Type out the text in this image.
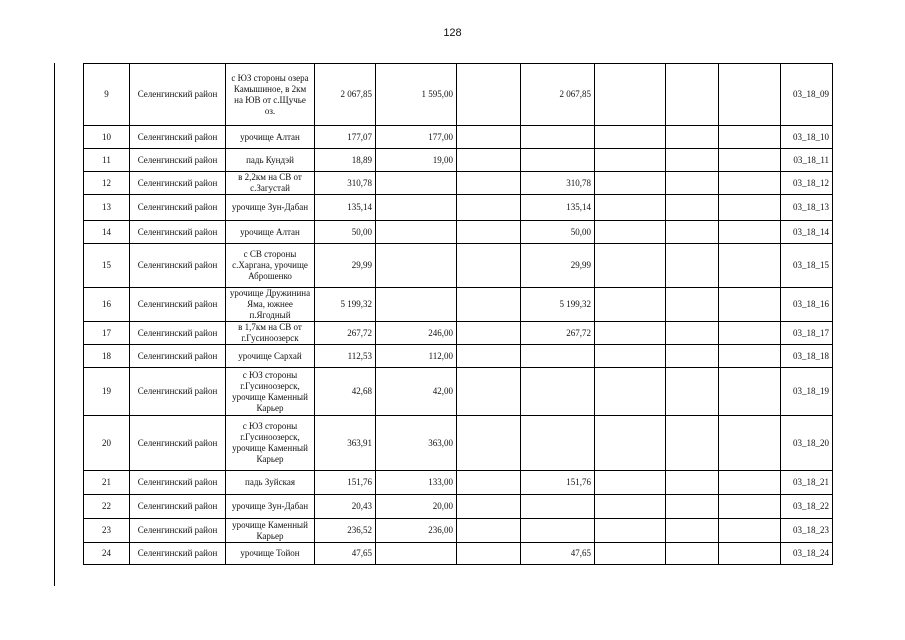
128
9	Селенгинский район	с ЮЗ стороны озера Камышиное, в 2км на ЮВ от с.Щучье оз.	2 067,85	1 595,00		2 067,85				03_18_09
10	Селенгинский район	урочище Алтан	177,07	177,00						03_18_10
11	Селенгинский район	падь Кундэй	18,89	19,00						03_18_11
12	Селенгинский район	в 2,2км на СВ от с.Загустай	310,78			310,78				03_18_12
13	Селенгинский район	урочище Зун-Дабан	135,14			135,14				03_18_13
14	Селенгинский район	урочище Алтан	50,00			50,00				03_18_14
15	Селенгинский район	с СВ стороны с.Харгана, урочище Аброшенко	29,99			29,99				03_18_15
16	Селенгинский район	урочище Дружинина Яма, южнее п.Ягодный	5 199,32			5 199,32				03_18_16
17	Селенгинский район	в 1,7км на СВ от г.Гусиноозерск	267,72	246,00		267,72				03_18_17
18	Селенгинский район	урочище Сархай	112,53	112,00						03_18_18
19	Селенгинский район	с ЮЗ стороны г.Гусиноозерск, урочище Каменный Карьер	42,68	42,00						03_18_19
20	Селенгинский район	с ЮЗ стороны г.Гусиноозерск, урочище Каменный Карьер	363,91	363,00						03_18_20
21	Селенгинский район	падь Зуйская	151,76	133,00		151,76				03_18_21
22	Селенгинский район	урочище Зун-Дабан	20,43	20,00						03_18_22
23	Селенгинский район	урочище Каменный Карьер	236,52	236,00						03_18_23
24	Селенгинский район	урочище Тойон	47,65			47,65				03_18_24
